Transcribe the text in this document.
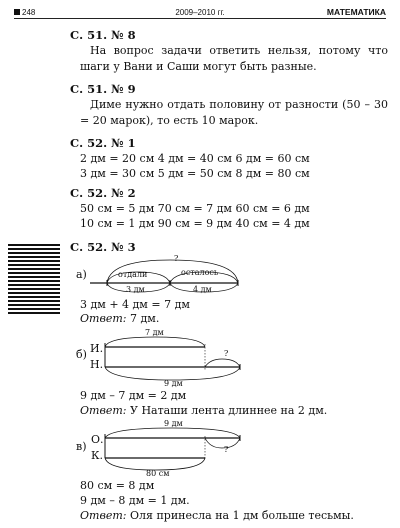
248	2009–2010 гг.	МАТЕМАТИКА
С. 51. № 8
На вопрос задачи ответить нельзя, потому что шаги у Вани и Саши могут быть разные.
С. 51. № 9
Диме нужно отдать половину от разности (50 – 30 = 20 марок), то есть 10 марок.
С. 52. № 1
2 дм = 20 см 4 дм = 40 см 6 дм = 60 см
3 дм = 30 см 5 дм = 50 см 8 дм = 80 см
С. 52. № 2
50 см = 5 дм 70 см = 7 дм 60 см = 6 дм
10 см = 1 дм 90 см = 9 дм 40 см = 4 дм
С. 52. № 3
а)
?
отдали	осталось
3 дм	4 дм
3 дм + 4 дм = 7 дм
Ответ: 7 дм.
б) И.
Н.
7 дм
9 дм
?
9 дм – 7 дм = 2 дм
Ответ: У Наташи лента длиннее на 2 дм.
в)
О.
К.
9 дм
80 см
?
80 см = 8 дм
9 дм – 8 дм = 1 дм.
Ответ: Оля принесла на 1 дм больше тесьмы.
